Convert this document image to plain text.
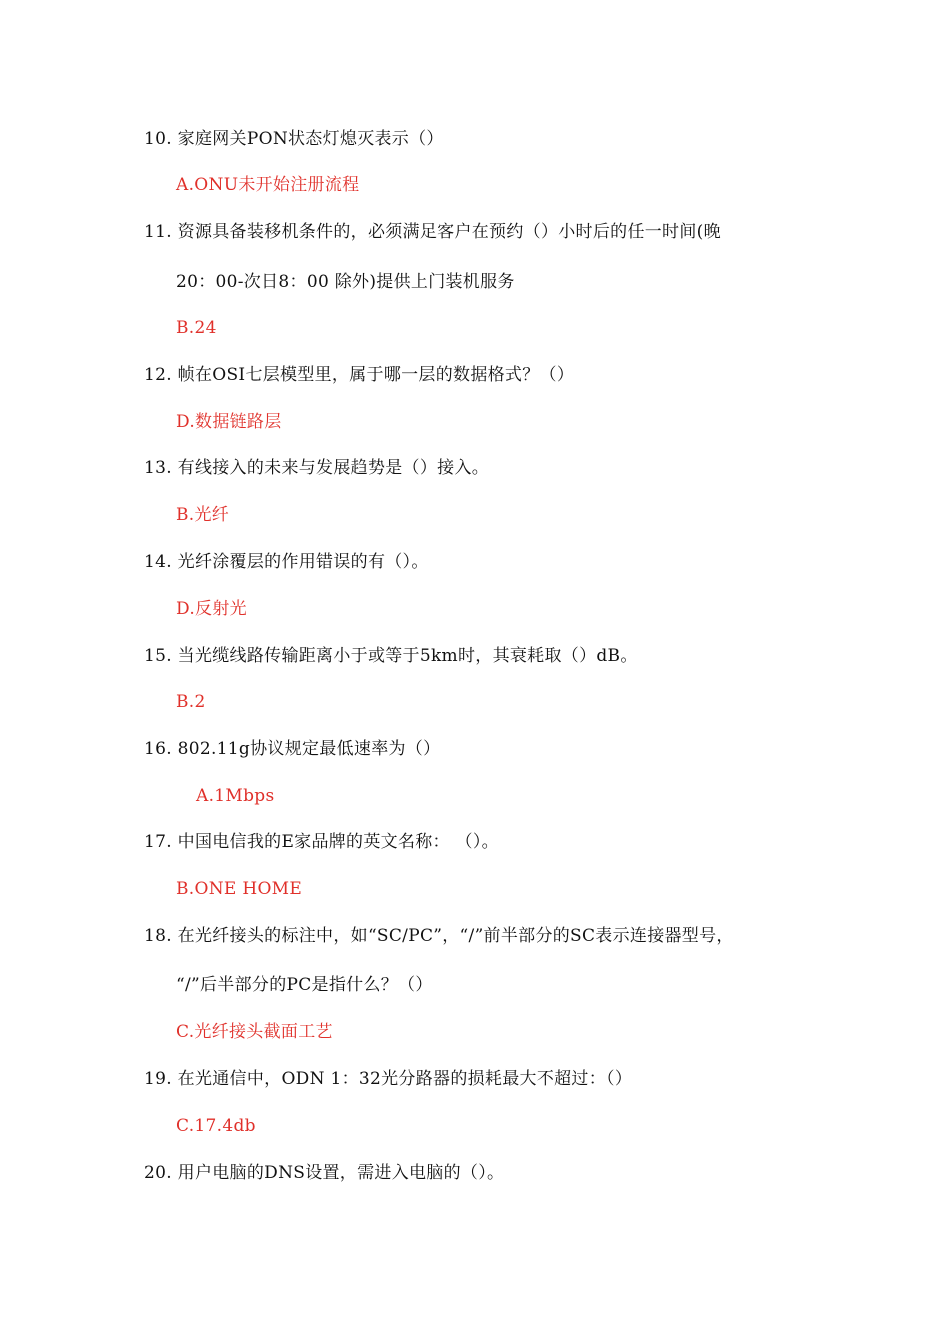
10. 家庭网关PON状态灯熄灭表示（）
A.ONU未开始注册流程
11. 资源具备装移机条件的，必须满足客户在预约（）小时后的任一时间(晚
20：00-次日8：00 除外)提供上门装机服务
B.24
12. 帧在OSI七层模型里，属于哪一层的数据格式？（）
D.数据链路层
13. 有线接入的未来与发展趋势是（）接入。
B.光纤
14. 光纤涂覆层的作用错误的有（）。
D.反射光
15. 当光缆线路传输距离小于或等于5km时，其衰耗取（）dB。
B.2
16. 802.11g协议规定最低速率为（）
A.1Mbps
17. 中国电信我的E家品牌的英文名称： （）。
B.ONE HOME
18. 在光纤接头的标注中，如“SC/PC”，“/”前半部分的SC表示连接器型号，
“/”后半部分的PC是指什么？（）
C.光纤接头截面工艺
19. 在光通信中，ODN 1：32光分路器的损耗最大不超过：（）
C.17.4db
20. 用户电脑的DNS设置，需进入电脑的（）。
